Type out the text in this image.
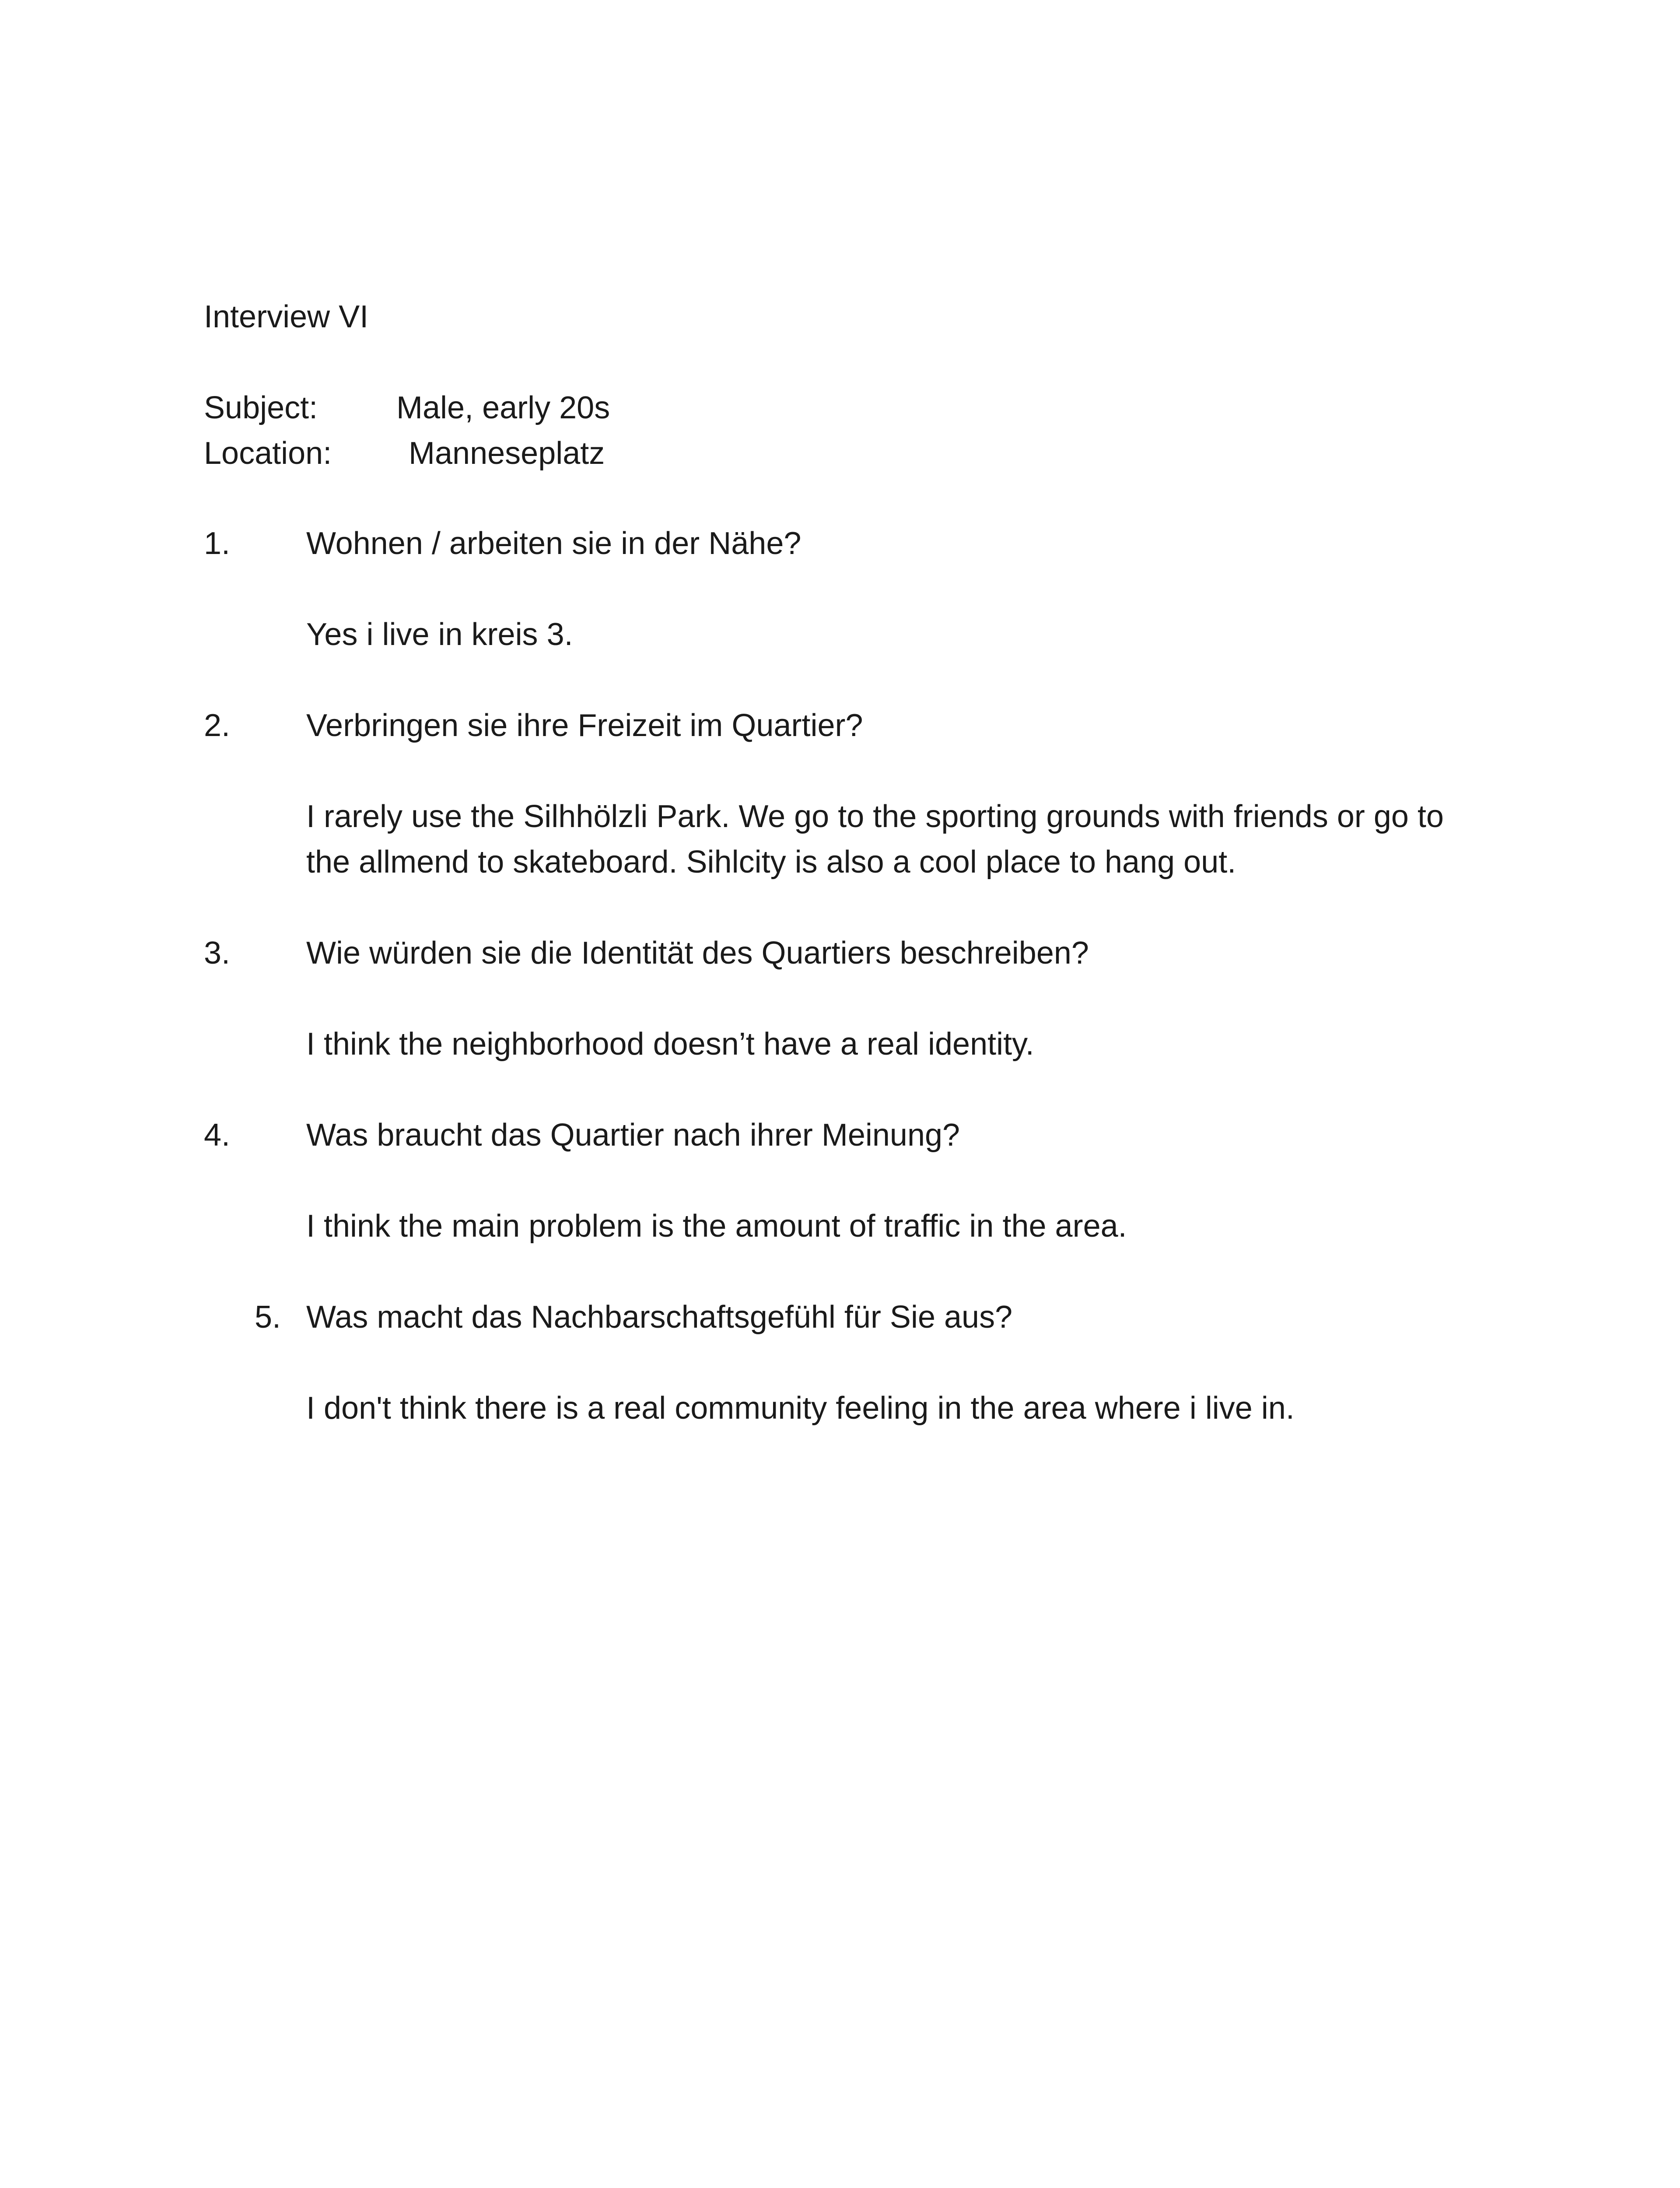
Interview VI
Subject: Male, early 20s
Location: Manneseplatz
1. Wohnen / arbeiten sie in der Nähe?
Yes i live in kreis 3.
2. Verbringen sie ihre Freizeit im Quartier?
I rarely use the Silhhölzli Park. We go to the sporting grounds with friends or go to the allmend to skateboard. Sihlcity is also a cool place to hang out.
3. Wie würden sie die Identität des Quartiers beschreiben?
I think the neighborhood doesn’t have a real identity.
4. Was braucht das Quartier nach ihrer Meinung?
I think the main problem is the amount of traffic in the area.
5. Was macht das Nachbarschaftsgefühl für Sie aus?
I don't think there is a real community feeling in the area where i live in.
